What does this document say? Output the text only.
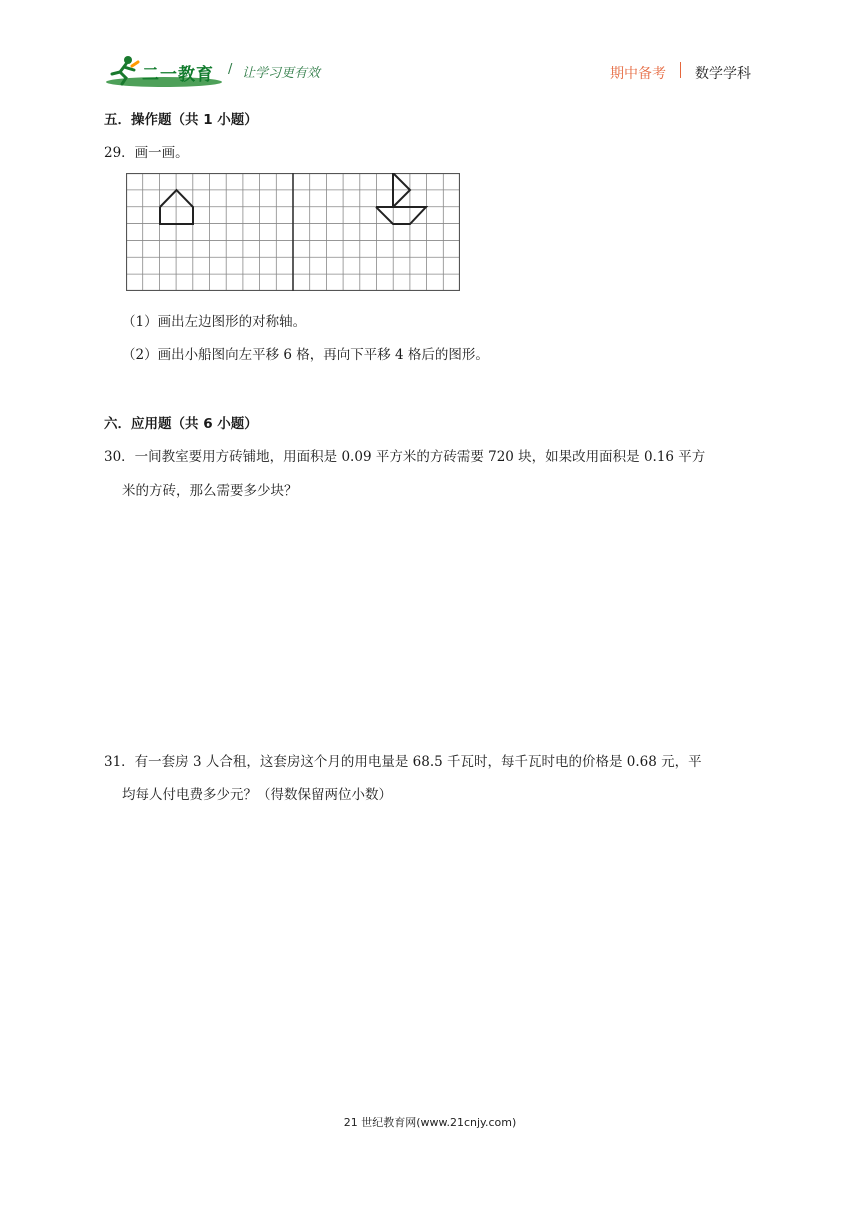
二一教育 / 让学习更有效	期中备考 数学学科
五．操作题（共 1 小题）
29．画一画。
（1）画出左边图形的对称轴。
（2）画出小船图向左平移 6 格，再向下平移 4 格后的图形。
六．应用题（共 6 小题）
30．一间教室要用方砖铺地，用面积是 0.09 平方米的方砖需要 720 块，如果改用面积是 0.16 平方
米的方砖，那么需要多少块？
31．有一套房 3 人合租，这套房这个月的用电量是 68.5 千瓦时，每千瓦时电的价格是 0.68 元，平
均每人付电费多少元？（得数保留两位小数）
21 世纪教育网(www.21cnjy.com)
